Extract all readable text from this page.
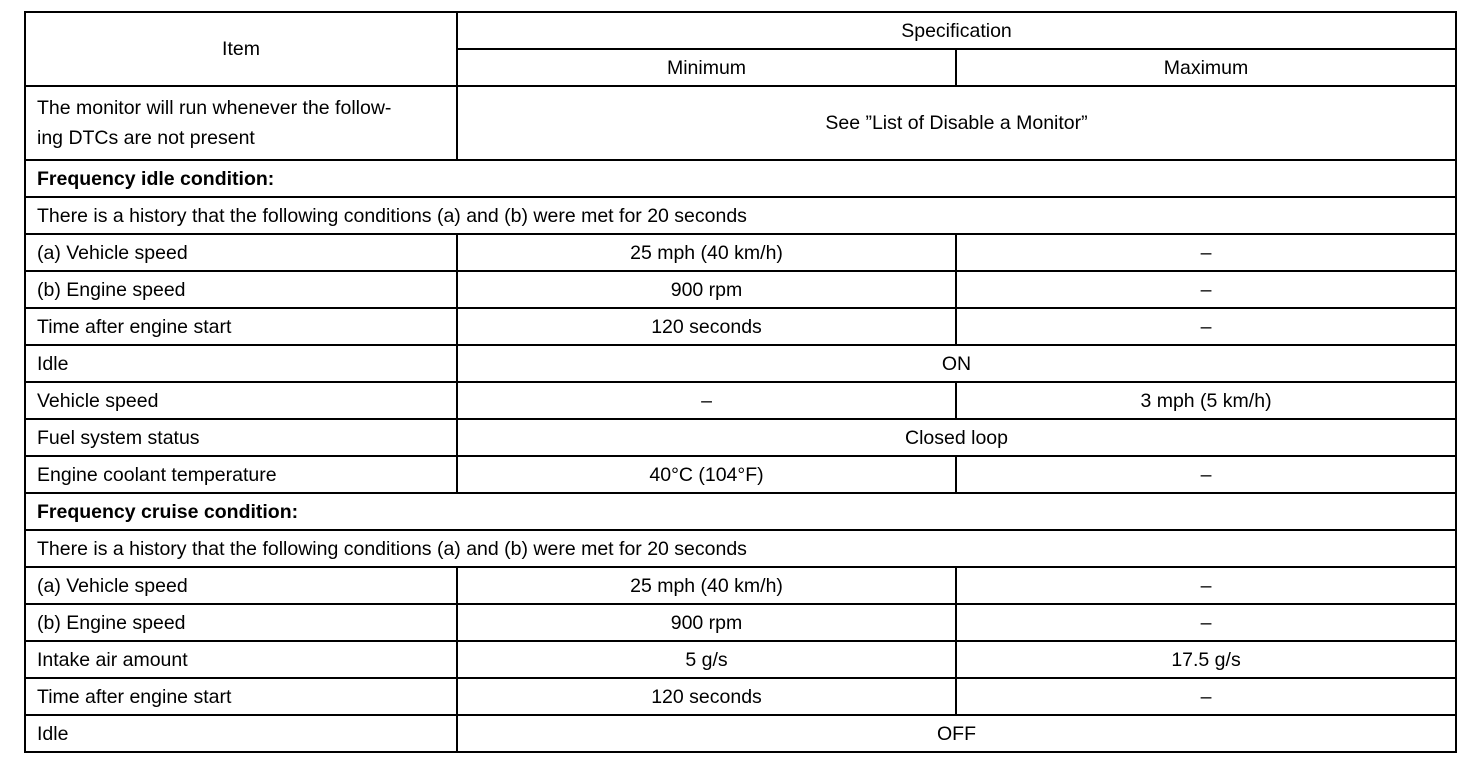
Item	Specification	
	Minimum	Maximum
The monitor will run whenever the follow-
ing DTCs are not present	See ”List of Disable a Monitor”	
Frequency idle condition:		
There is a history that the following conditions (a) and (b) were met for 20 seconds		
(a) Vehicle speed	25 mph (40 km/h)	–
(b) Engine speed	900 rpm	–
Time after engine start	120 seconds	–
Idle	ON	
Vehicle speed	–	3 mph (5 km/h)
Fuel system status	Closed loop	
Engine coolant temperature	40°C (104°F)	–
Frequency cruise condition:		
There is a history that the following conditions (a) and (b) were met for 20 seconds		
(a) Vehicle speed	25 mph (40 km/h)	–
(b) Engine speed	900 rpm	–
Intake air amount	5 g/s	17.5 g/s
Time after engine start	120 seconds	–
Idle	OFF	
